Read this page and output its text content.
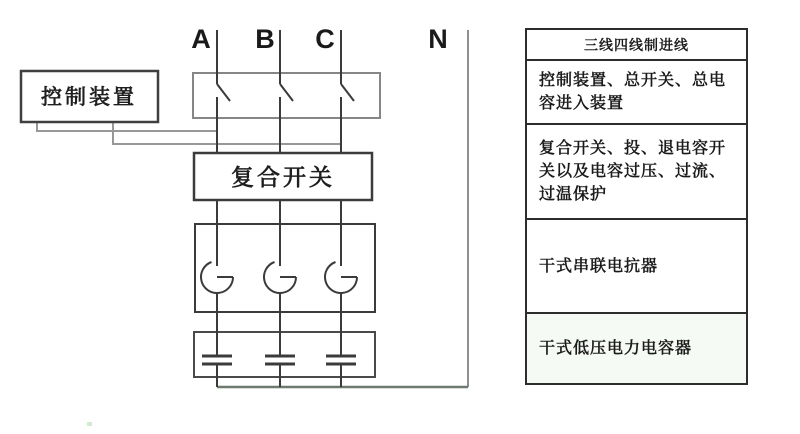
A B C	N
控制装置
复合开关
三线四线制进线
控制装置、总开关、总电容进入装置
复合开关、投、退电容开关以及电容过压、过流、过温保护
干式串联电抗器
干式低压电力电容器
